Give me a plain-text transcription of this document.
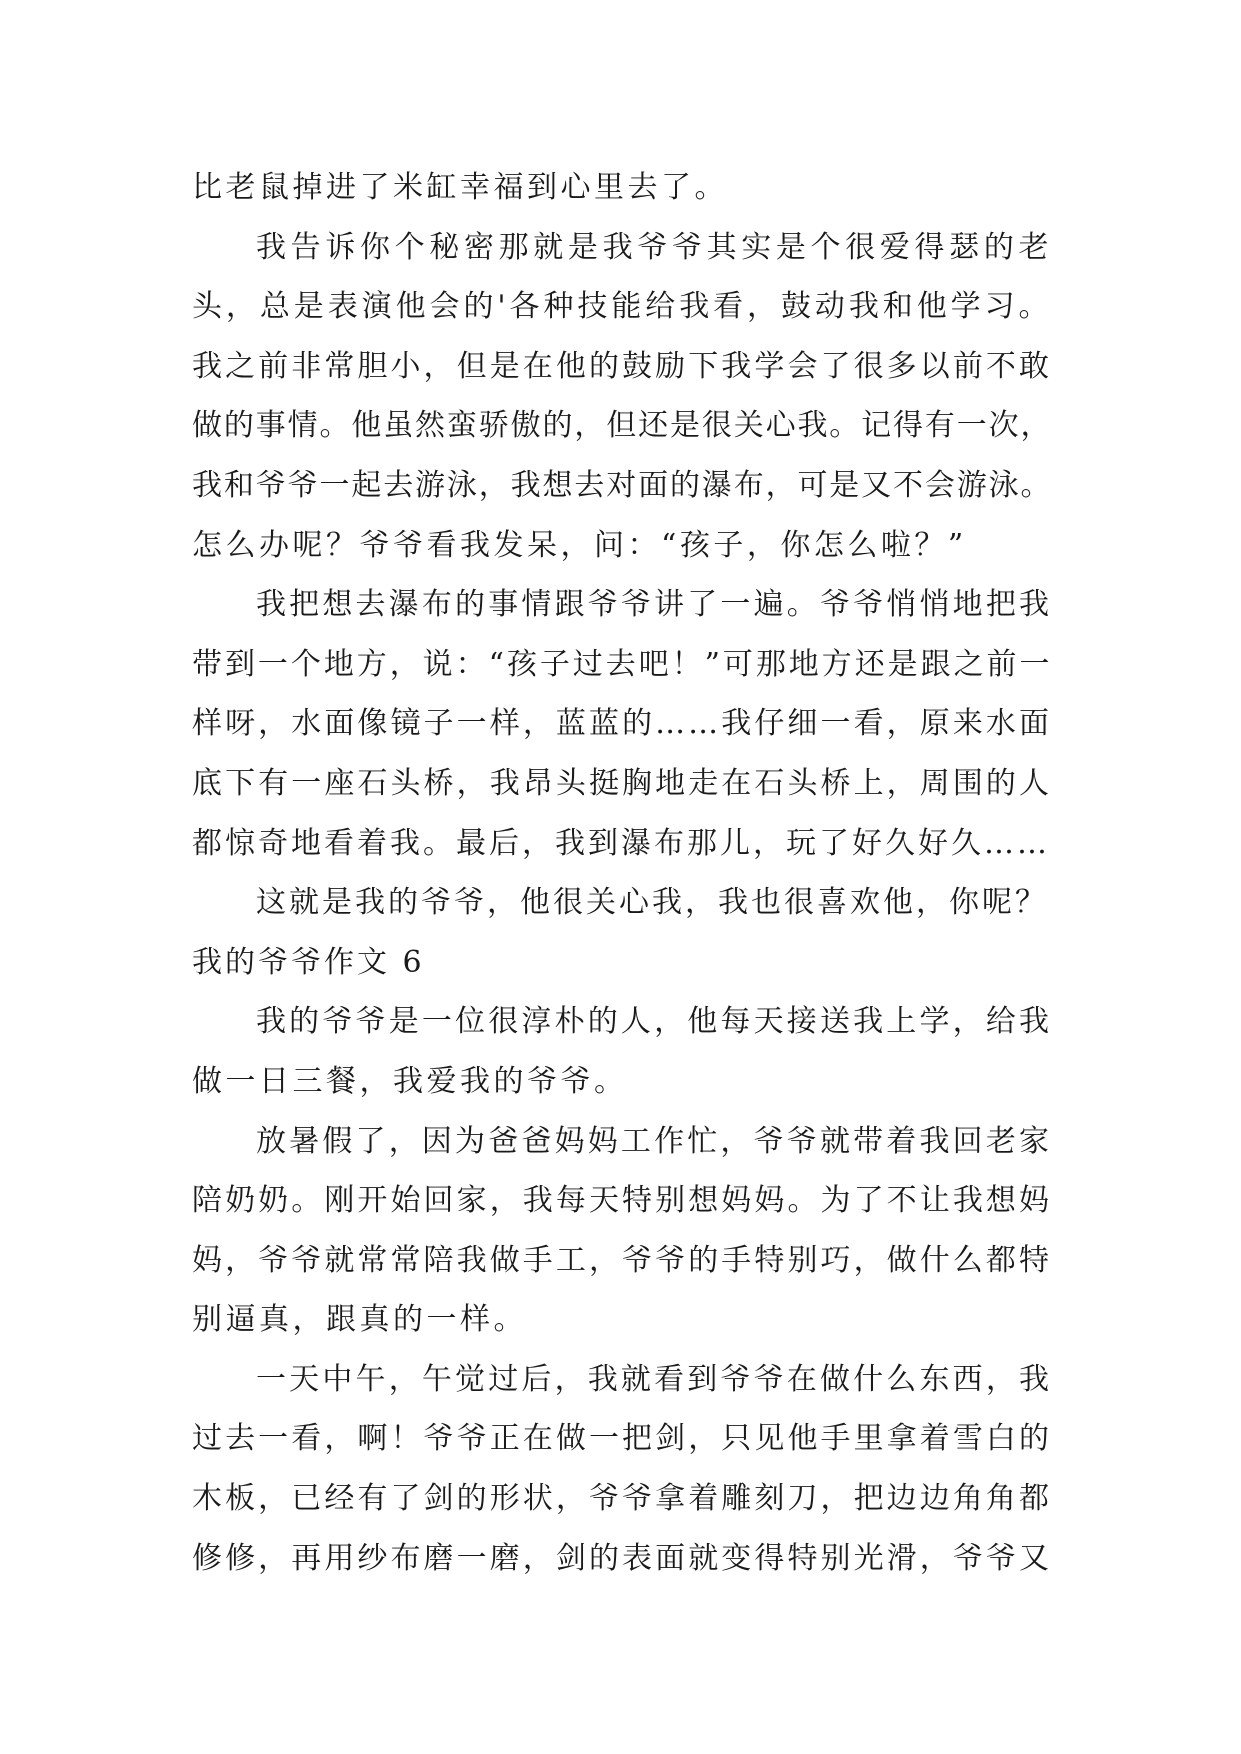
比老鼠掉进了米缸幸福到心里去了。
我告诉你个秘密那就是我爷爷其实是个很爱得瑟的老
头，总是表演他会的'各种技能给我看，鼓动我和他学习。
我之前非常胆小，但是在他的鼓励下我学会了很多以前不敢
做的事情。他虽然蛮骄傲的，但还是很关心我。记得有一次，
我和爷爷一起去游泳，我想去对面的瀑布，可是又不会游泳。
怎么办呢？爷爷看我发呆，问：“孩子，你怎么啦？”
我把想去瀑布的事情跟爷爷讲了一遍。爷爷悄悄地把我
带到一个地方，说：“孩子过去吧！”可那地方还是跟之前一
样呀，水面像镜子一样，蓝蓝的……我仔细一看，原来水面
底下有一座石头桥，我昂头挺胸地走在石头桥上，周围的人
都惊奇地看着我。最后，我到瀑布那儿，玩了好久好久……
这就是我的爷爷，他很关心我，我也很喜欢他，你呢？
我的爷爷作文 6
我的爷爷是一位很淳朴的人，他每天接送我上学，给我
做一日三餐，我爱我的爷爷。
放暑假了，因为爸爸妈妈工作忙，爷爷就带着我回老家
陪奶奶。刚开始回家，我每天特别想妈妈。为了不让我想妈
妈，爷爷就常常陪我做手工，爷爷的手特别巧，做什么都特
别逼真，跟真的一样。
一天中午，午觉过后，我就看到爷爷在做什么东西，我
过去一看，啊！爷爷正在做一把剑，只见他手里拿着雪白的
木板，已经有了剑的形状，爷爷拿着雕刻刀，把边边角角都
修修，再用纱布磨一磨，剑的表面就变得特别光滑，爷爷又
